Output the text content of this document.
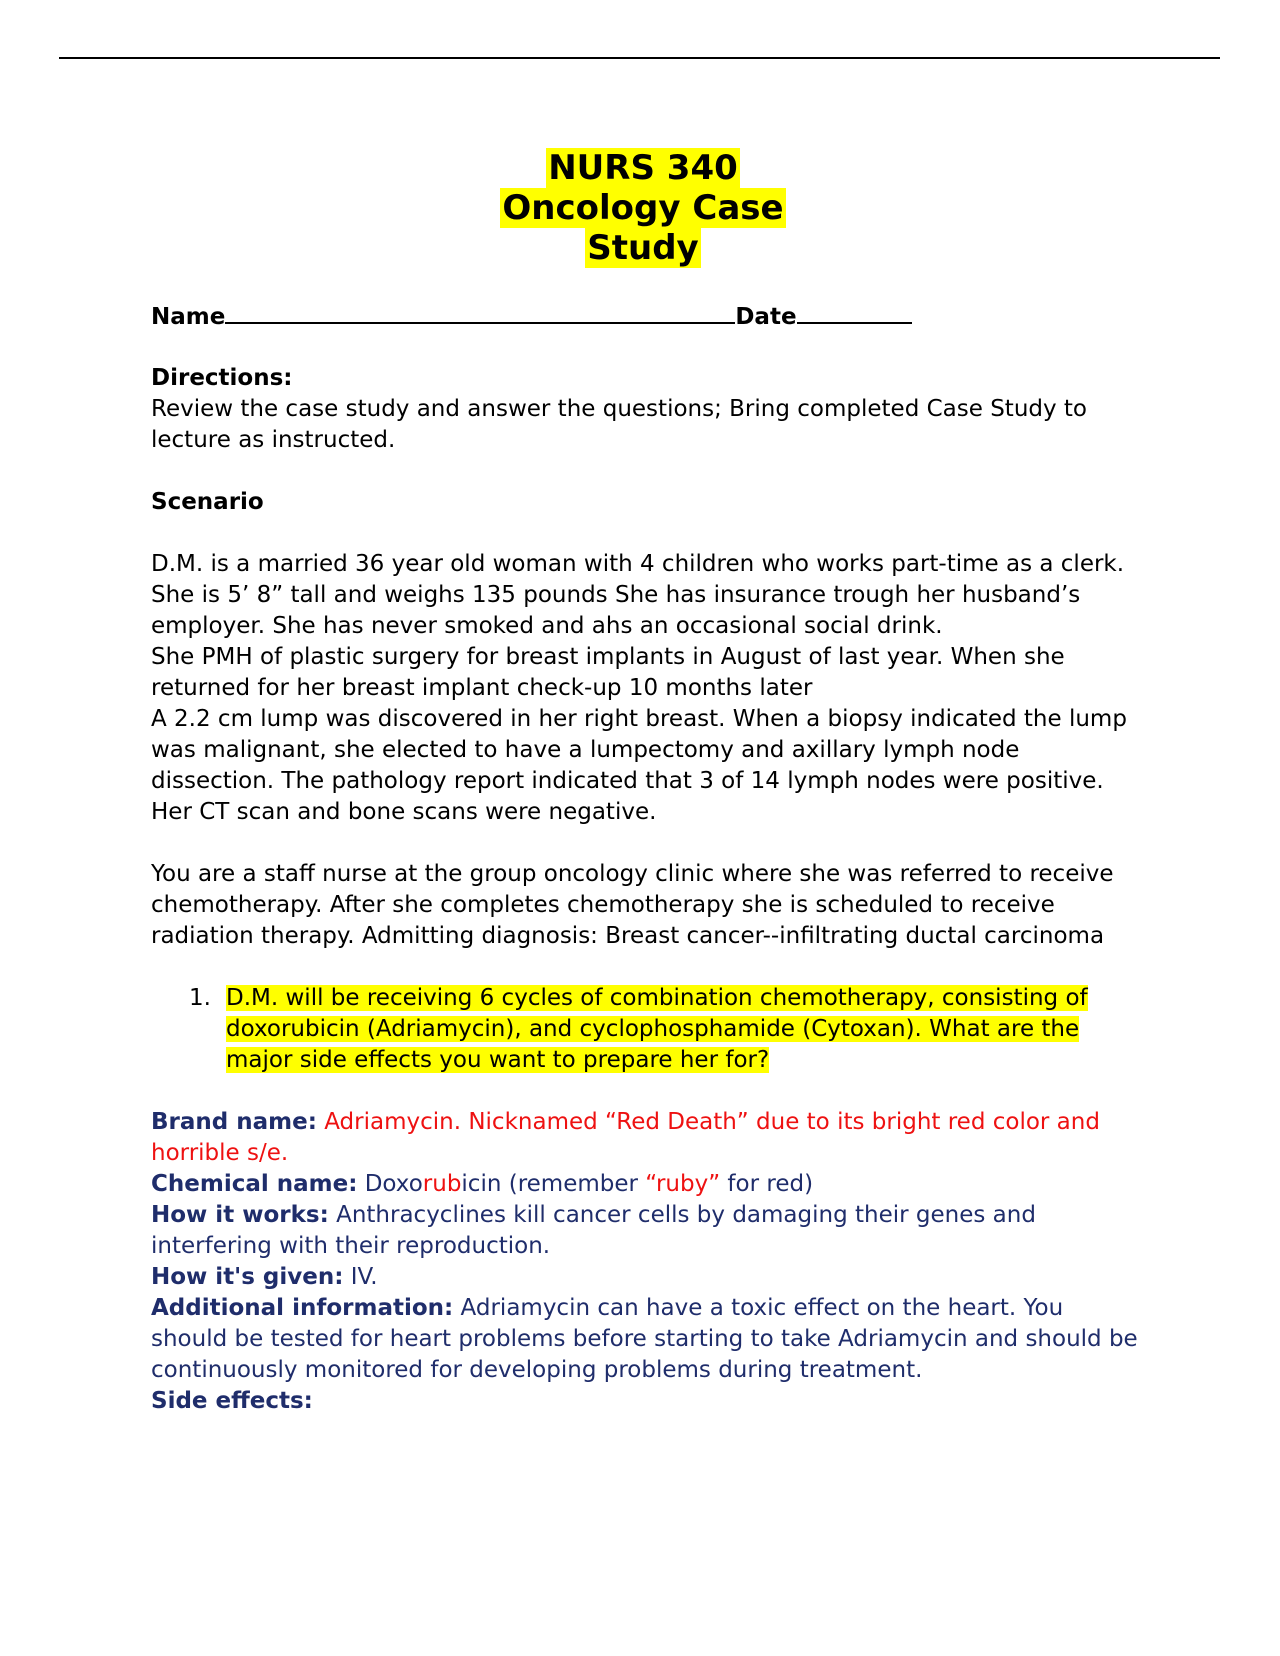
NURS 340
Oncology Case
Study
Name	Date

Directions:

Review the case study and answer the questions; Bring completed Case Study to lecture as instructed.

Scenario

D.M. is a married 36 year old woman with 4 children who works part-time as a clerk. She is 5’ 8” tall and weighs 135 pounds She has insurance trough her husband’s employer. She has never smoked and ahs an occasional social drink.

She PMH of plastic surgery for breast implants in August of last year. When she returned for her breast implant check-up 10 months later

A 2.2 cm lump was discovered in her right breast. When a biopsy indicated the lump was malignant, she elected to have a lumpectomy and axillary lymph node dissection. The pathology report indicated that 3 of 14 lymph nodes were positive.

Her CT scan and bone scans were negative.

You are a staff nurse at the group oncology clinic where she was referred to receive chemotherapy. After she completes chemotherapy she is scheduled to receive radiation therapy. Admitting diagnosis: Breast cancer--infiltrating ductal carcinoma

1. D.M. will be receiving 6 cycles of combination chemotherapy, consisting of doxorubicin (Adriamycin), and cyclophosphamide (Cytoxan). What are the major side effects you want to prepare her for?

Brand name: Adriamycin. Nicknamed “Red Death” due to its bright red color and horrible s/e.

Chemical name: Doxorubicin (remember “ruby” for red)

How it works: Anthracyclines kill cancer cells by damaging their genes and interfering with their reproduction.

How it's given: IV.

Additional information: Adriamycin can have a toxic effect on the heart. You should be tested for heart problems before starting to take Adriamycin and should be continuously monitored for developing problems during treatment.

Side effects:
